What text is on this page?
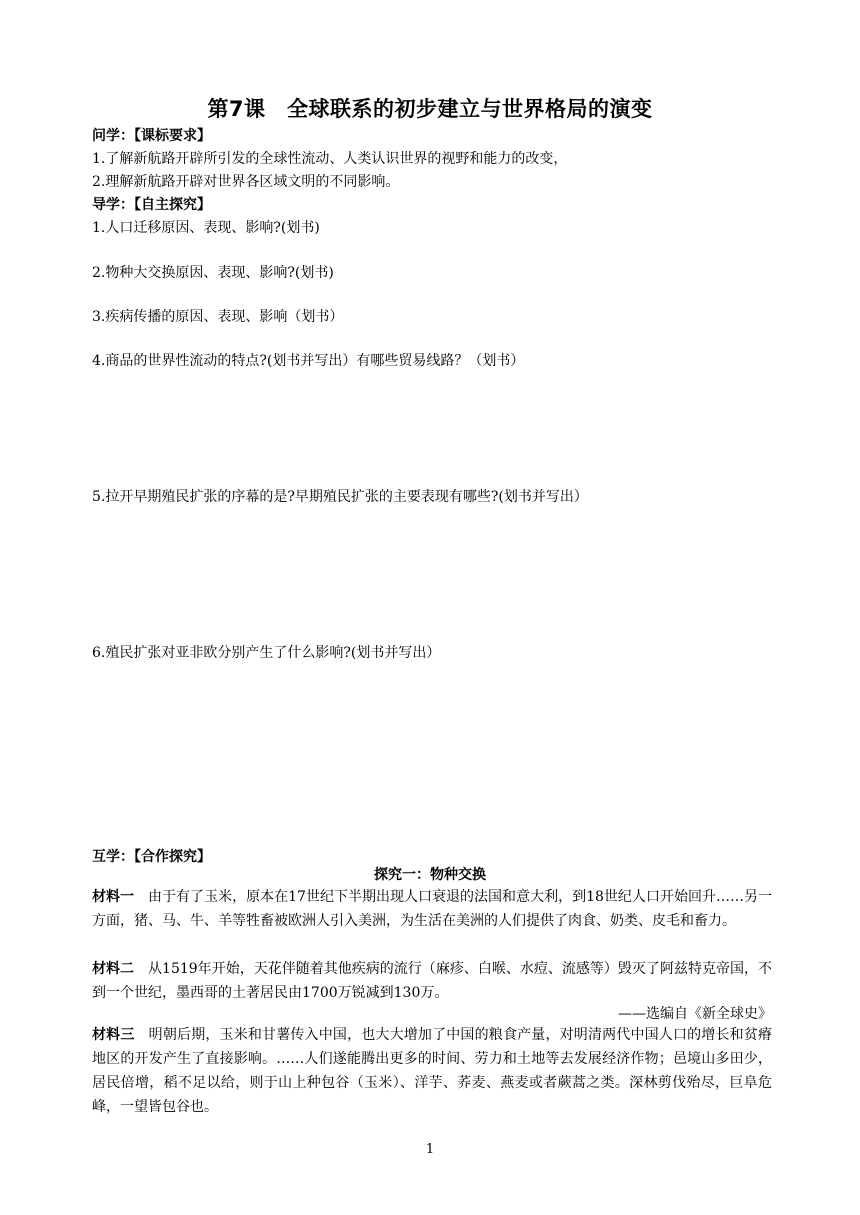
第7课　全球联系的初步建立与世界格局的演变
问学：【课标要求】
1.了解新航路开辟所引发的全球性流动、人类认识世界的视野和能力的改变，
2.理解新航路开辟对世界各区域文明的不同影响。
导学：【自主探究】
1.人口迁移原因、表现、影响?(划书)
2.物种大交换原因、表现、影响?(划书)
3.疾病传播的原因、表现、影响（划书）
4.商品的世界性流动的特点?(划书并写出）有哪些贸易线路？（划书）
5.拉开早期殖民扩张的序幕的是?早期殖民扩张的主要表现有哪些?(划书并写出）
6.殖民扩张对亚非欧分别产生了什么影响?(划书并写出）
互学：【合作探究】
探究一：物种交换
材料一　由于有了玉米，原本在17世纪下半期出现人口衰退的法国和意大利，到18世纪人口开始回升……另一方面，猪、马、牛、羊等牲畜被欧洲人引入美洲，为生活在美洲的人们提供了肉食、奶类、皮毛和畜力。
材料二　从1519年开始，天花伴随着其他疾病的流行（麻疹、白喉、水痘、流感等）毁灭了阿兹特克帝国，不到一个世纪，墨西哥的土著居民由1700万锐减到130万。
——选编自《新全球史》
材料三　明朝后期，玉米和甘薯传入中国，也大大增加了中国的粮食产量，对明清两代中国人口的增长和贫瘠地区的开发产生了直接影响。……人们遂能腾出更多的时间、劳力和土地等去发展经济作物；邑境山多田少，居民倍增，稻不足以给，则于山上种包谷（玉米）、洋芋、荞麦、燕麦或者蕨蒿之类。深林剪伐殆尽，巨阜危峰，一望皆包谷也。
1
